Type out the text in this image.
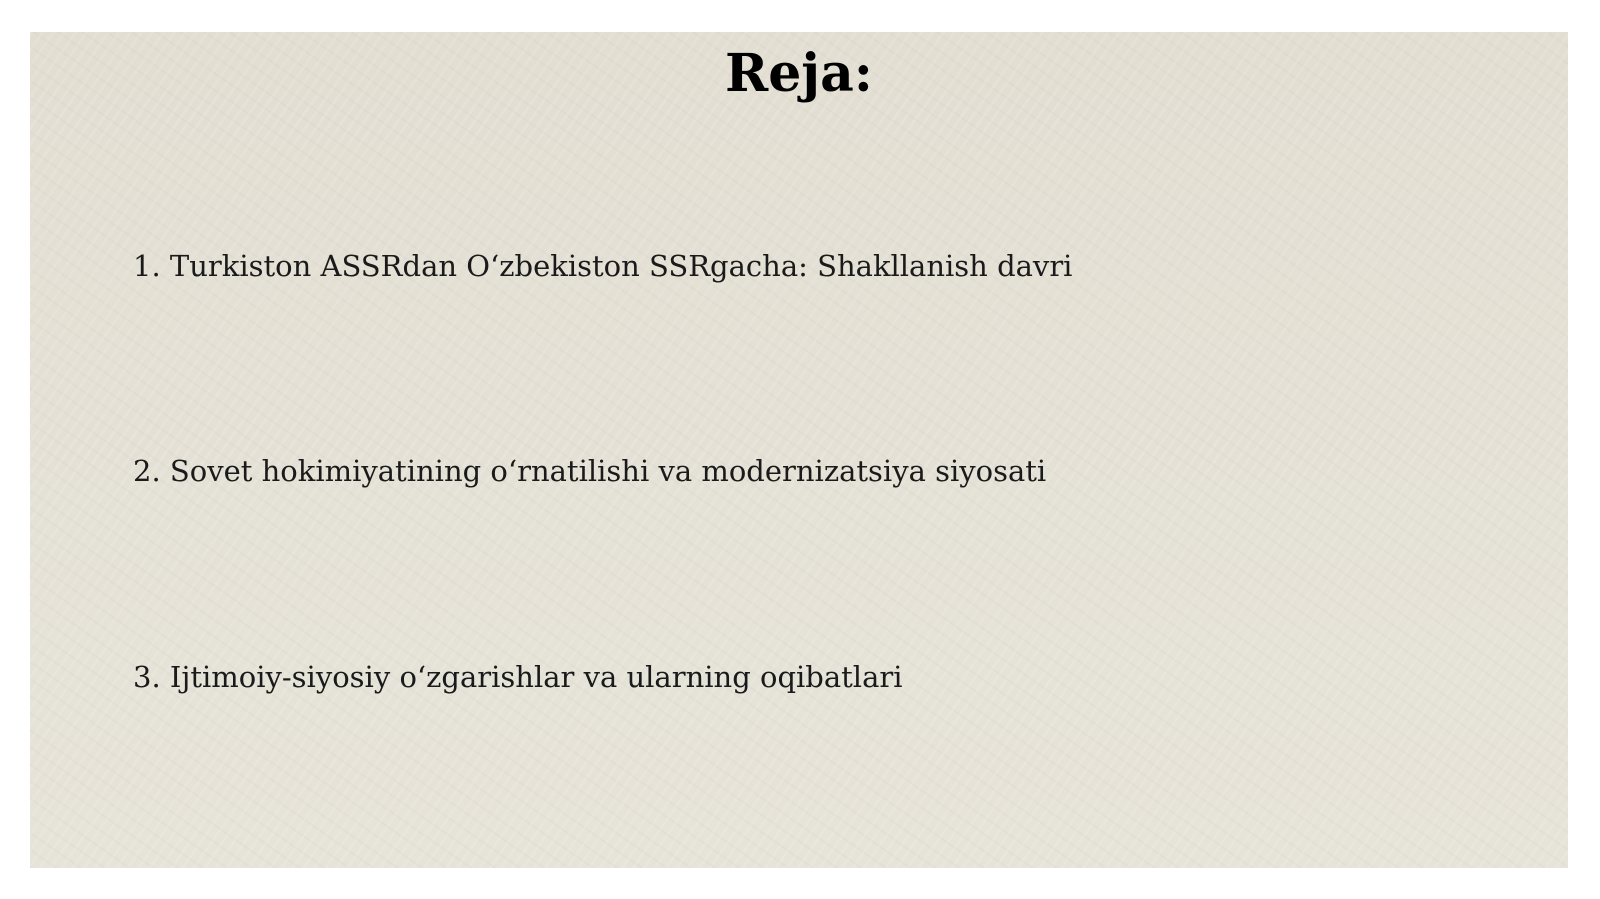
Reja:
1. Turkiston ASSRdan O‘zbekiston SSRgacha: Shakllanish davri
2. Sovet hokimiyatining o‘rnatilishi va modernizatsiya siyosati
3. Ijtimoiy-siyosiy o‘zgarishlar va ularning oqibatlari
